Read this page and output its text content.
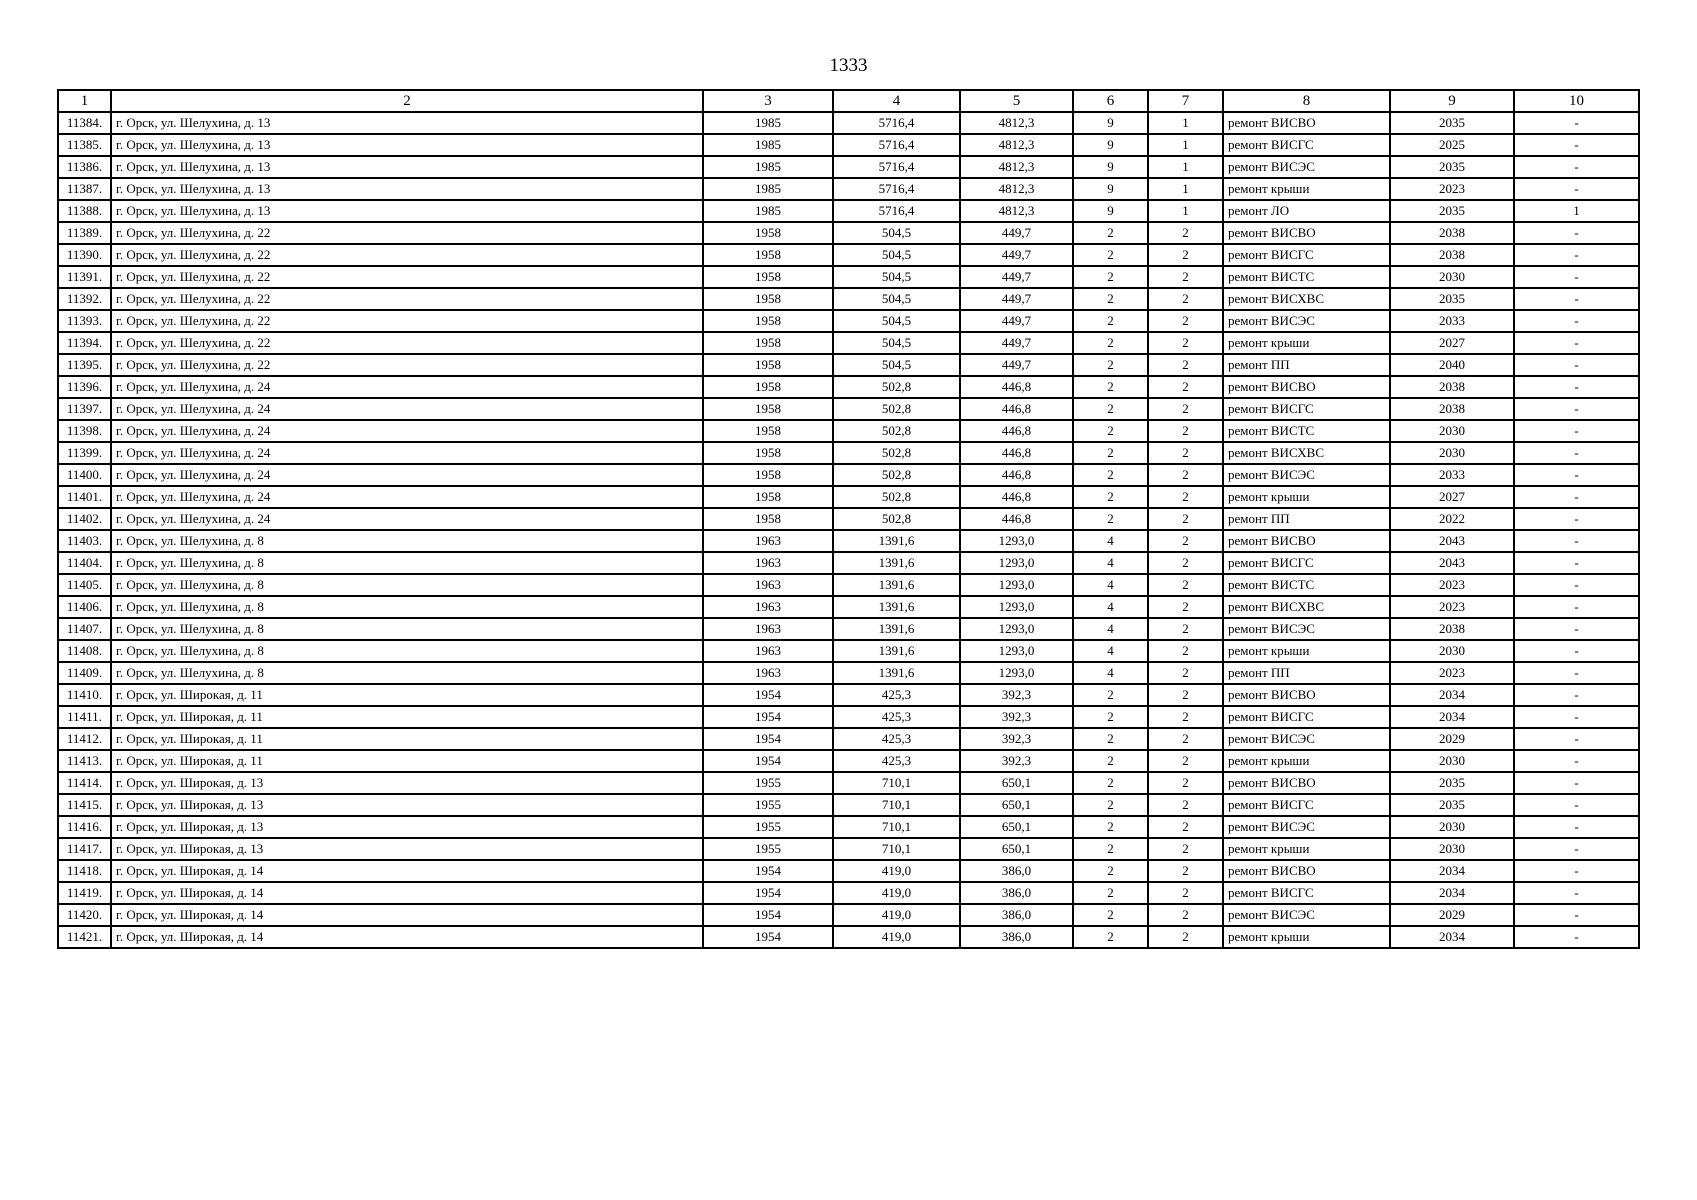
1333
1	2	3	4	5	6	7	8	9	10
11384.	г. Орск, ул. Шелухина, д. 13	1985	5716,4	4812,3	9	1	ремонт ВИСВО	2035	-
11385.	г. Орск, ул. Шелухина, д. 13	1985	5716,4	4812,3	9	1	ремонт ВИСГС	2025	-
11386.	г. Орск, ул. Шелухина, д. 13	1985	5716,4	4812,3	9	1	ремонт ВИСЭС	2035	-
11387.	г. Орск, ул. Шелухина, д. 13	1985	5716,4	4812,3	9	1	ремонт крыши	2023	-
11388.	г. Орск, ул. Шелухина, д. 13	1985	5716,4	4812,3	9	1	ремонт ЛО	2035	1
11389.	г. Орск, ул. Шелухина, д. 22	1958	504,5	449,7	2	2	ремонт ВИСВО	2038	-
11390.	г. Орск, ул. Шелухина, д. 22	1958	504,5	449,7	2	2	ремонт ВИСГС	2038	-
11391.	г. Орск, ул. Шелухина, д. 22	1958	504,5	449,7	2	2	ремонт ВИСТС	2030	-
11392.	г. Орск, ул. Шелухина, д. 22	1958	504,5	449,7	2	2	ремонт ВИСХВС	2035	-
11393.	г. Орск, ул. Шелухина, д. 22	1958	504,5	449,7	2	2	ремонт ВИСЭС	2033	-
11394.	г. Орск, ул. Шелухина, д. 22	1958	504,5	449,7	2	2	ремонт крыши	2027	-
11395.	г. Орск, ул. Шелухина, д. 22	1958	504,5	449,7	2	2	ремонт ПП	2040	-
11396.	г. Орск, ул. Шелухина, д. 24	1958	502,8	446,8	2	2	ремонт ВИСВО	2038	-
11397.	г. Орск, ул. Шелухина, д. 24	1958	502,8	446,8	2	2	ремонт ВИСГС	2038	-
11398.	г. Орск, ул. Шелухина, д. 24	1958	502,8	446,8	2	2	ремонт ВИСТС	2030	-
11399.	г. Орск, ул. Шелухина, д. 24	1958	502,8	446,8	2	2	ремонт ВИСХВС	2030	-
11400.	г. Орск, ул. Шелухина, д. 24	1958	502,8	446,8	2	2	ремонт ВИСЭС	2033	-
11401.	г. Орск, ул. Шелухина, д. 24	1958	502,8	446,8	2	2	ремонт крыши	2027	-
11402.	г. Орск, ул. Шелухина, д. 24	1958	502,8	446,8	2	2	ремонт ПП	2022	-
11403.	г. Орск, ул. Шелухина, д. 8	1963	1391,6	1293,0	4	2	ремонт ВИСВО	2043	-
11404.	г. Орск, ул. Шелухина, д. 8	1963	1391,6	1293,0	4	2	ремонт ВИСГС	2043	-
11405.	г. Орск, ул. Шелухина, д. 8	1963	1391,6	1293,0	4	2	ремонт ВИСТС	2023	-
11406.	г. Орск, ул. Шелухина, д. 8	1963	1391,6	1293,0	4	2	ремонт ВИСХВС	2023	-
11407.	г. Орск, ул. Шелухина, д. 8	1963	1391,6	1293,0	4	2	ремонт ВИСЭС	2038	-
11408.	г. Орск, ул. Шелухина, д. 8	1963	1391,6	1293,0	4	2	ремонт крыши	2030	-
11409.	г. Орск, ул. Шелухина, д. 8	1963	1391,6	1293,0	4	2	ремонт ПП	2023	-
11410.	г. Орск, ул. Широкая, д. 11	1954	425,3	392,3	2	2	ремонт ВИСВО	2034	-
11411.	г. Орск, ул. Широкая, д. 11	1954	425,3	392,3	2	2	ремонт ВИСГС	2034	-
11412.	г. Орск, ул. Широкая, д. 11	1954	425,3	392,3	2	2	ремонт ВИСЭС	2029	-
11413.	г. Орск, ул. Широкая, д. 11	1954	425,3	392,3	2	2	ремонт крыши	2030	-
11414.	г. Орск, ул. Широкая, д. 13	1955	710,1	650,1	2	2	ремонт ВИСВО	2035	-
11415.	г. Орск, ул. Широкая, д. 13	1955	710,1	650,1	2	2	ремонт ВИСГС	2035	-
11416.	г. Орск, ул. Широкая, д. 13	1955	710,1	650,1	2	2	ремонт ВИСЭС	2030	-
11417.	г. Орск, ул. Широкая, д. 13	1955	710,1	650,1	2	2	ремонт крыши	2030	-
11418.	г. Орск, ул. Широкая, д. 14	1954	419,0	386,0	2	2	ремонт ВИСВО	2034	-
11419.	г. Орск, ул. Широкая, д. 14	1954	419,0	386,0	2	2	ремонт ВИСГС	2034	-
11420.	г. Орск, ул. Широкая, д. 14	1954	419,0	386,0	2	2	ремонт ВИСЭС	2029	-
11421.	г. Орск, ул. Широкая, д. 14	1954	419,0	386,0	2	2	ремонт крыши	2034	-
